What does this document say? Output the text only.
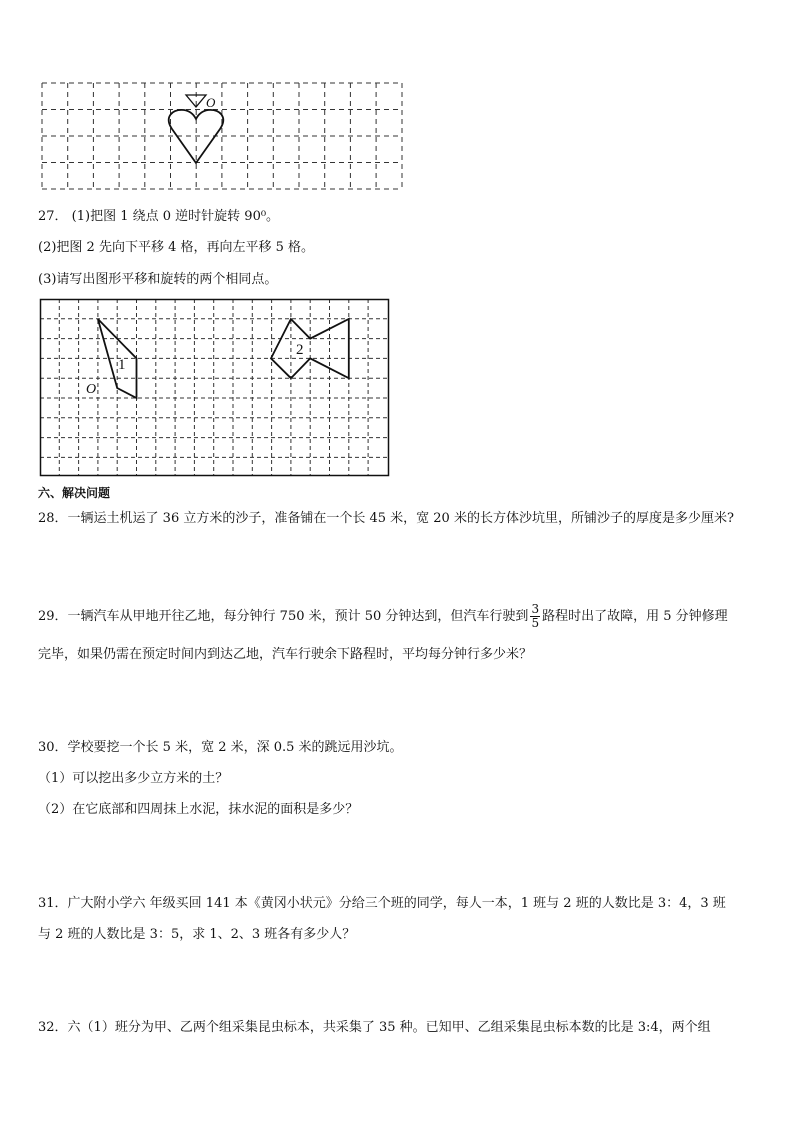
O
27． (1)把图 1 绕点 0 逆时针旋转 90⁰。
(2)把图 2 先向下平移 4 格，再向左平移 5 格。
(3)请写出图形平移和旋转的两个相同点。
1
2
O
六、解决问题
28．一辆运土机运了 36 立方米的沙子，准备铺在一个长 45 米，宽 20 米的长方体沙坑里，所铺沙子的厚度是多少厘米?
29．一辆汽车从甲地开往乙地，每分钟行 750 米，预计 50 分钟达到，但汽车行驶到 $\frac{3}{5}$ 路程时出了故障，用 5 分钟修理
完毕，如果仍需在预定时间内到达乙地，汽车行驶余下路程时，平均每分钟行多少米？
30．学校要挖一个长 5 米，宽 2 米，深 0.5 米的跳远用沙坑。
（1）可以挖出多少立方米的土？
（2）在它底部和四周抹上水泥，抹水泥的面积是多少？
31．广大附小学六 年级买回 141 本《黄冈小状元》分给三个班的同学，每人一本，1 班与 2 班的人数比是 3：4，3 班
与 2 班的人数比是 3：5，求 1、2、3 班各有多少人？
32．六（1）班分为甲、乙两个组采集昆虫标本，共采集了 35 种。已知甲、乙组采集昆虫标本数的比是 3:4，两个组
